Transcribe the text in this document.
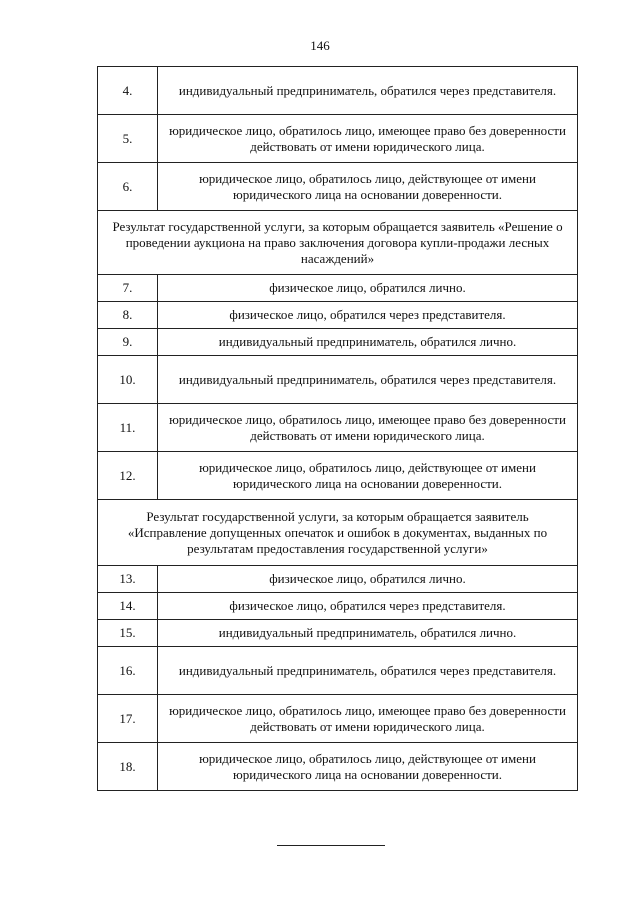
146
4.	индивидуальный предприниматель, обратился через представителя.
5.	юридическое лицо, обратилось лицо, имеющее право без доверенности действовать от имени юридического лица.
6.	юридическое лицо, обратилось лицо, действующее от имени юридического лица на основании доверенности.
Результат государственной услуги, за которым обращается заявитель «Решение о проведении аукциона на право заключения договора купли-продажи лесных насаждений»	
7.	физическое лицо, обратился лично.
8.	физическое лицо, обратился через представителя.
9.	индивидуальный предприниматель, обратился лично.
10.	индивидуальный предприниматель, обратился через представителя.
11.	юридическое лицо, обратилось лицо, имеющее право без доверенности действовать от имени юридического лица.
12.	юридическое лицо, обратилось лицо, действующее от имени юридического лица на основании доверенности.
Результат государственной услуги, за которым обращается заявитель «Исправление допущенных опечаток и ошибок в документах, выданных по результатам предоставления государственной услуги»	
13.	физическое лицо, обратился лично.
14.	физическое лицо, обратился через представителя.
15.	индивидуальный предприниматель, обратился лично.
16.	индивидуальный предприниматель, обратился через представителя.
17.	юридическое лицо, обратилось лицо, имеющее право без доверенности действовать от имени юридического лица.
18.	юридическое лицо, обратилось лицо, действующее от имени юридического лица на основании доверенности.
